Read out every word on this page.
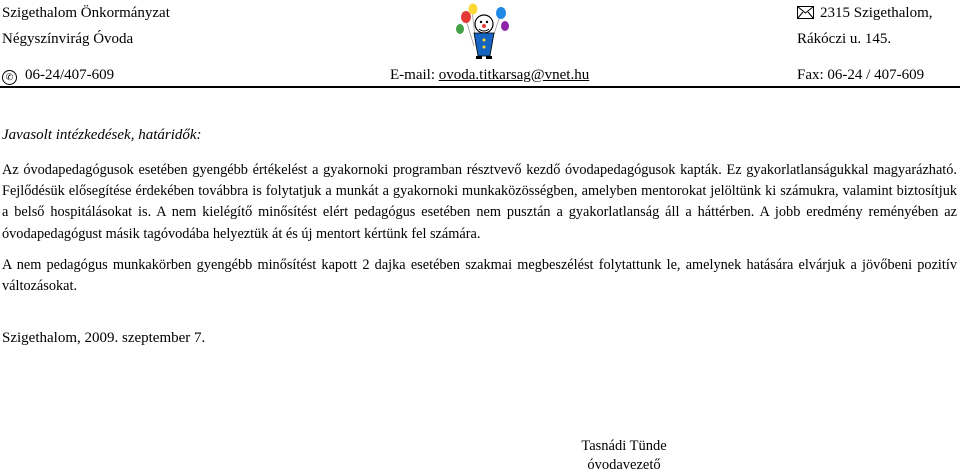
Szigethalom Önkormányzat
Négyszínvirág Óvoda
✆ 06-24/407-609	E-mail: ovoda.titkarsag@vnet.hu
2315 Szigethalom,
Rákóczi u. 145.
Fax: 06-24 / 407-609
Javasolt intézkedések, határidők:

Az óvodapedagógusok esetében gyengébb értékelést a gyakornoki programban résztvevő kezdő óvodapedagógusok kapták. Ez gyakorlatlanságukkal magyarázható. Fejlődésük elősegítése érdekében továbbra is folytatjuk a munkát a gyakornoki munkaközösségben, amelyben mentorokat jelöltünk ki számukra, valamint biztosítjuk a belső hospitálásokat is. A nem kielégítő minősítést elért pedagógus esetében nem pusztán a gyakorlatlanság áll a háttérben. A jobb eredmény reményében az óvodapedagógust másik tagóvodába helyeztük át és új mentort kértünk fel számára.

A nem pedagógus munkakörben gyengébb minősítést kapott 2 dajka esetében szakmai megbeszélést folytattunk le, amelynek hatására elvárjuk a jövőbeni pozitív változásokat.

Szigethalom, 2009. szeptember 7.
Tasnádi Tünde
óvodavezető
